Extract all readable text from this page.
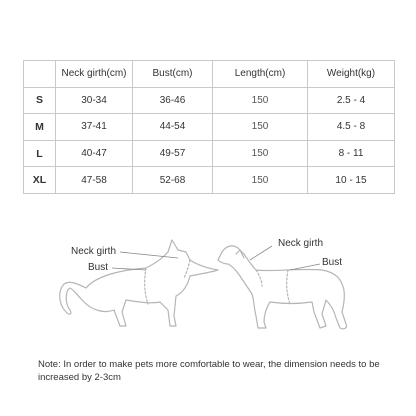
	Neck girth(cm)	Bust(cm)	Length(cm)	Weight(kg)
S	30-34	36-46	150	2.5 - 4
M	37-41	44-54	150	4.5 - 8
L	40-47	49-57	150	8 - 11
XL	47-58	52-68	150	10 - 15
Neck girth
Bust
Neck girth
Bust

Note: In order to make pets more comfortable to wear, the dimension needs to be increased by 2-3cm
